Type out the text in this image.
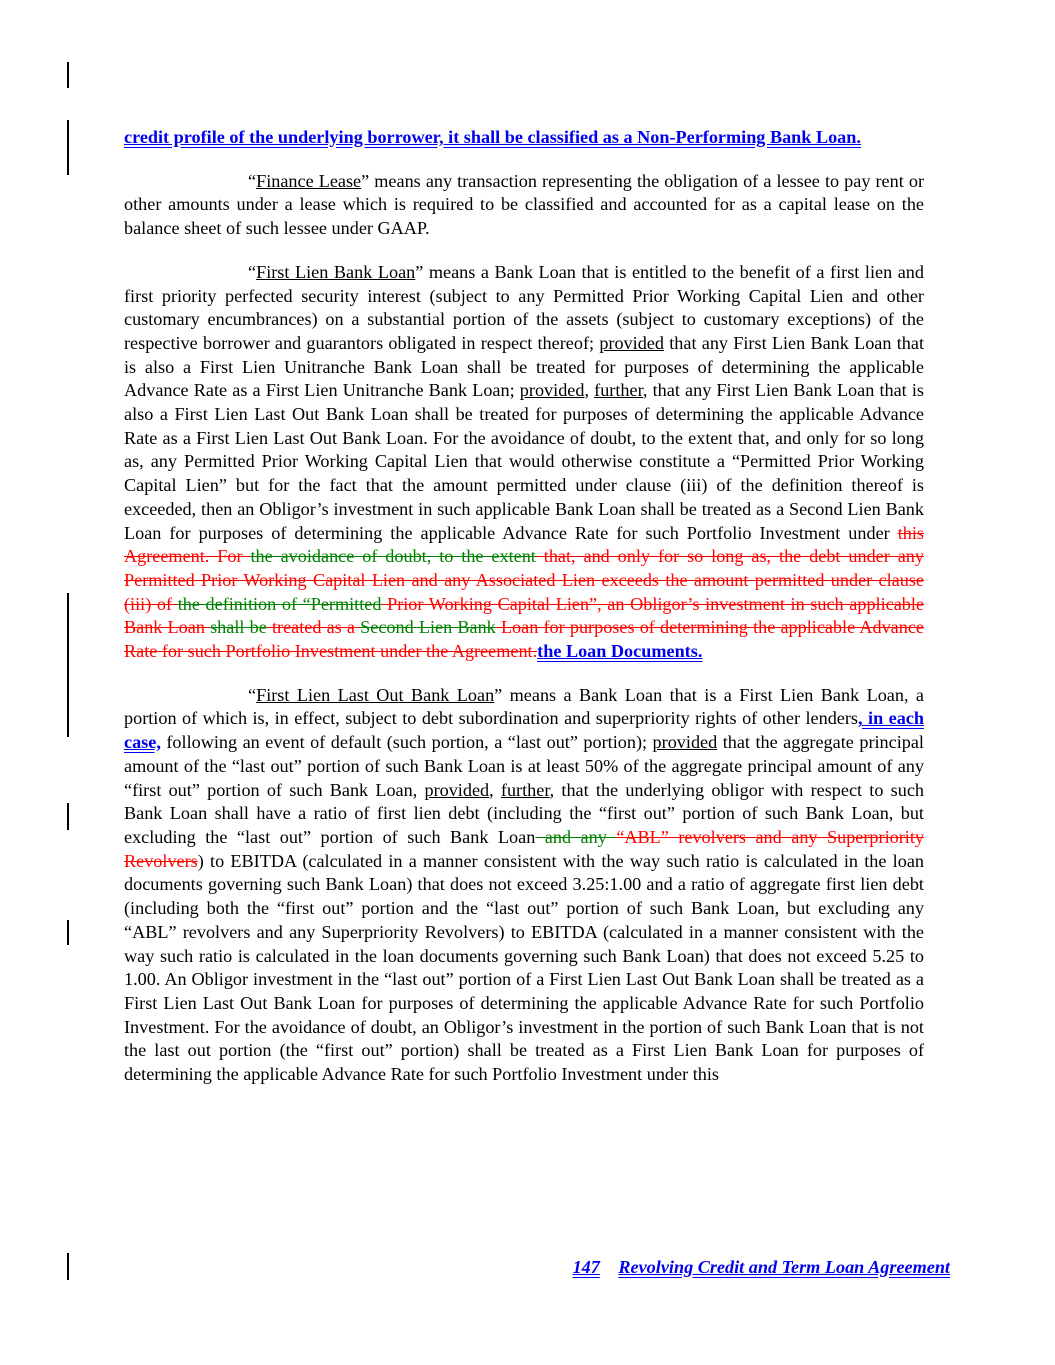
credit profile of the underlying borrower, it shall be classified as a Non-Performing Bank Loan.

“Finance Lease” means any transaction representing the obligation of a lessee to pay rent or other amounts under a lease which is required to be classified and accounted for as a capital lease on the balance sheet of such lessee under GAAP.

“First Lien Bank Loan” means a Bank Loan that is entitled to the benefit of a first lien and first priority perfected security interest (subject to any Permitted Prior Working Capital Lien and other customary encumbrances) on a substantial portion of the assets (subject to customary exceptions) of the respective borrower and guarantors obligated in respect thereof; provided that any First Lien Bank Loan that is also a First Lien Unitranche Bank Loan shall be treated for purposes of determining the applicable Advance Rate as a First Lien Unitranche Bank Loan; provided, further, that any First Lien Bank Loan that is also a First Lien Last Out Bank Loan shall be treated for purposes of determining the applicable Advance Rate as a First Lien Last Out Bank Loan. For the avoidance of doubt, to the extent that, and only for so long as, any Permitted Prior Working Capital Lien that would otherwise constitute a “Permitted Prior Working Capital Lien” but for the fact that the amount permitted under clause (iii) of the definition thereof is exceeded, then an Obligor’s investment in such applicable Bank Loan shall be treated as a Second Lien Bank Loan for purposes of determining the applicable Advance Rate for such Portfolio Investment under this Agreement. For the avoidance of doubt, to the extent that, and only for so long as, the debt under any Permitted Prior Working Capital Lien and any Associated Lien exceeds the amount permitted under clause (iii) of the definition of “Permitted Prior Working Capital Lien”, an Obligor’s investment in such applicable Bank Loan shall be treated as a Second Lien Bank Loan for purposes of determining the applicable Advance Rate for such Portfolio Investment under the Agreement.the Loan Documents.

“First Lien Last Out Bank Loan” means a Bank Loan that is a First Lien Bank Loan, a portion of which is, in effect, subject to debt subordination and superpriority rights of other lenders, in each case, following an event of default (such portion, a “last out” portion); provided that the aggregate principal amount of the “last out” portion of such Bank Loan is at least 50% of the aggregate principal amount of any “first out” portion of such Bank Loan, provided, further, that the underlying obligor with respect to such Bank Loan shall have a ratio of first lien debt (including the “first out” portion of such Bank Loan, but excluding the “last out” portion of such Bank Loan and any “ABL” revolvers and any Superpriority Revolvers) to EBITDA (calculated in a manner consistent with the way such ratio is calculated in the loan documents governing such Bank Loan) that does not exceed 3.25:1.00 and a ratio of aggregate first lien debt (including both the “first out” portion and the “last out” portion of such Bank Loan, but excluding any “ABL” revolvers and any Superpriority Revolvers) to EBITDA (calculated in a manner consistent with the way such ratio is calculated in the loan documents governing such Bank Loan) that does not exceed 5.25 to 1.00. An Obligor investment in the “last out” portion of a First Lien Last Out Bank Loan shall be treated as a First Lien Last Out Bank Loan for purposes of determining the applicable Advance Rate for such Portfolio Investment. For the avoidance of doubt, an Obligor’s investment in the portion of such Bank Loan that is not the last out portion (the “first out” portion) shall be treated as a First Lien Bank Loan for purposes of determining the applicable Advance Rate for such Portfolio Investment under this

147 Revolving Credit and Term Loan Agreement
